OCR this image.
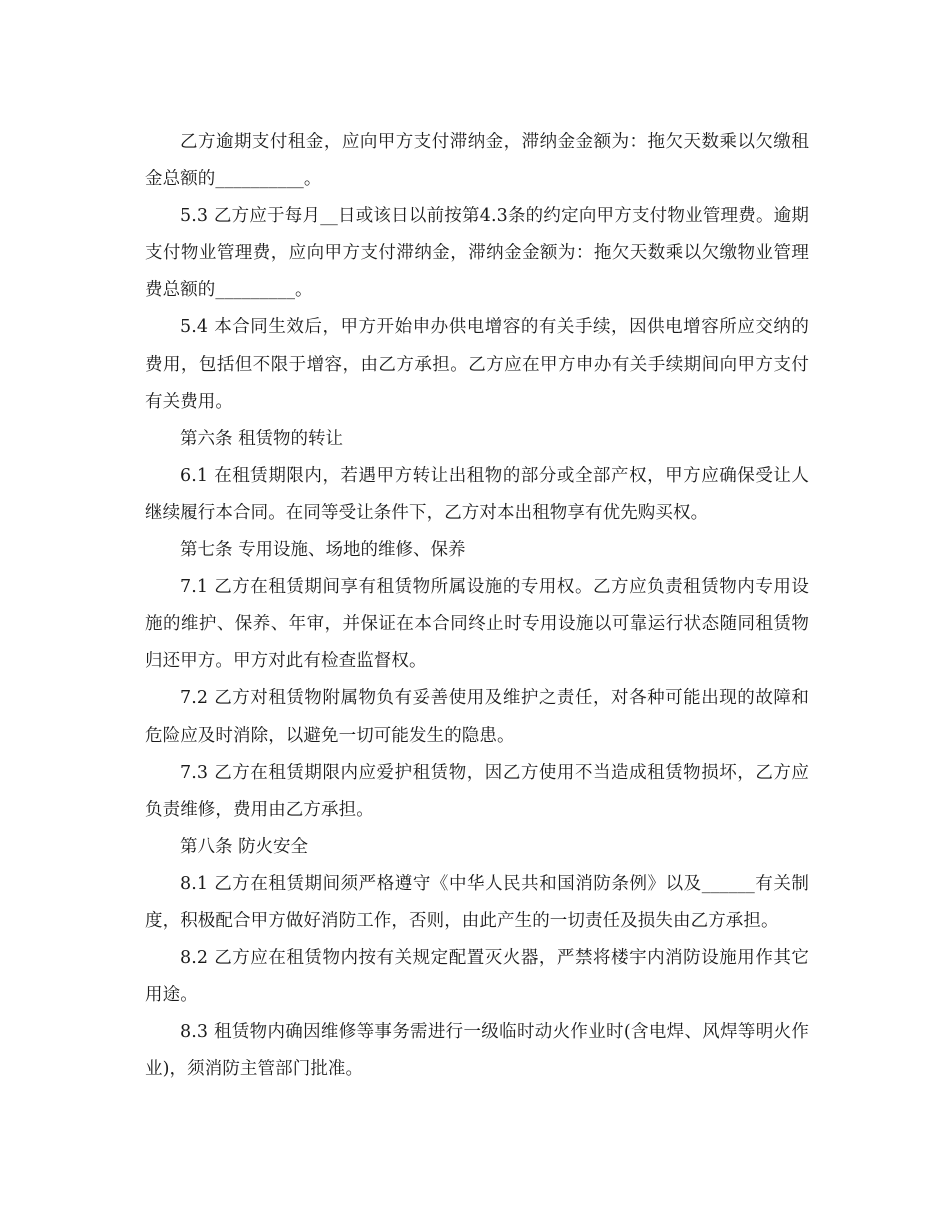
乙方逾期支付租金，应向甲方支付滞纳金，滞纳金金额为：拖欠天数乘以欠缴租金总额的__________。

5.3 乙方应于每月__日或该日以前按第4.3条的约定向甲方支付物业管理费。逾期支付物业管理费，应向甲方支付滞纳金，滞纳金金额为：拖欠天数乘以欠缴物业管理费总额的_________。

5.4 本合同生效后，甲方开始申办供电增容的有关手续，因供电增容所应交纳的费用，包括但不限于增容，由乙方承担。乙方应在甲方申办有关手续期间向甲方支付有关费用。

第六条 租赁物的转让

6.1 在租赁期限内，若遇甲方转让出租物的部分或全部产权，甲方应确保受让人继续履行本合同。在同等受让条件下，乙方对本出租物享有优先购买权。

第七条 专用设施、场地的维修、保养

7.1 乙方在租赁期间享有租赁物所属设施的专用权。乙方应负责租赁物内专用设施的维护、保养、年审，并保证在本合同终止时专用设施以可靠运行状态随同租赁物归还甲方。甲方对此有检查监督权。

7.2 乙方对租赁物附属物负有妥善使用及维护之责任，对各种可能出现的故障和危险应及时消除，以避免一切可能发生的隐患。

7.3 乙方在租赁期限内应爱护租赁物，因乙方使用不当造成租赁物损坏，乙方应负责维修，费用由乙方承担。

第八条 防火安全

8.1 乙方在租赁期间须严格遵守《中华人民共和国消防条例》以及______有关制度，积极配合甲方做好消防工作，否则，由此产生的一切责任及损失由乙方承担。

8.2 乙方应在租赁物内按有关规定配置灭火器，严禁将楼宇内消防设施用作其它用途。

8.3 租赁物内确因维修等事务需进行一级临时动火作业时(含电焊、风焊等明火作业)，须消防主管部门批准。
